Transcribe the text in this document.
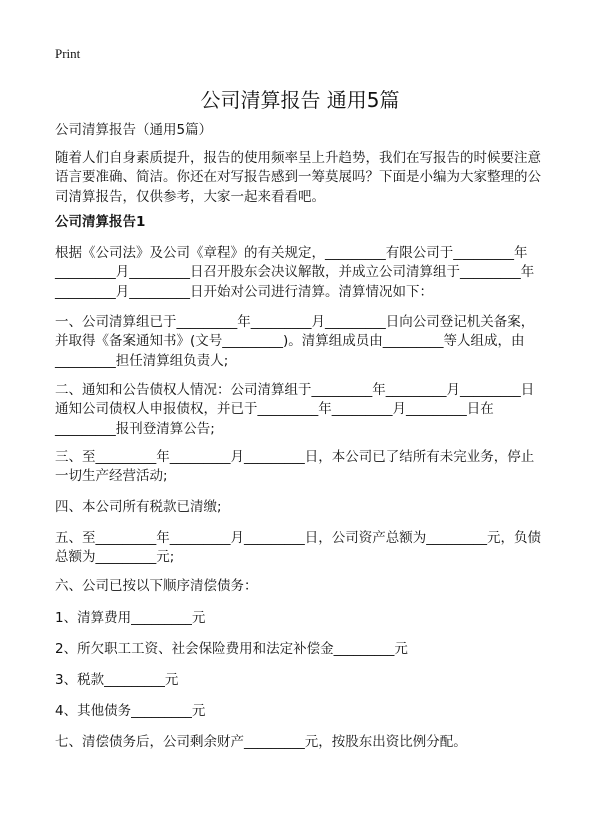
Print
公司清算报告 通用5篇
公司清算报告（通用5篇）
随着人们自身素质提升，报告的使用频率呈上升趋势，我们在写报告的时候要注意
语言要准确、简洁。你还在对写报告感到一筹莫展吗？下面是小编为大家整理的公
司清算报告，仅供参考，大家一起来看看吧。
公司清算报告1
根据《公司法》及公司《章程》的有关规定，_________有限公司于_________年
_________月_________日召开股东会决议解散，并成立公司清算组于_________年
_________月_________日开始对公司进行清算。清算情况如下：
一、公司清算组已于_________年_________月_________日向公司登记机关备案，
并取得《备案通知书》(文号_________)。清算组成员由_________等人组成，由
_________担任清算组负责人;
二、通知和公告债权人情况：公司清算组于_________年_________月_________日
通知公司债权人申报债权，并已于_________年_________月_________日在
_________报刊登清算公告;
三、至_________年_________月_________日，本公司已了结所有未完业务，停止
一切生产经营活动;
四、本公司所有税款已清缴;
五、至_________年_________月_________日，公司资产总额为_________元，负债
总额为_________元;
六、公司已按以下顺序清偿债务：
1、清算费用_________元
2、所欠职工工资、社会保险费用和法定补偿金_________元
3、税款_________元
4、其他债务_________元
七、清偿债务后，公司剩余财产_________元，按股东出资比例分配。
